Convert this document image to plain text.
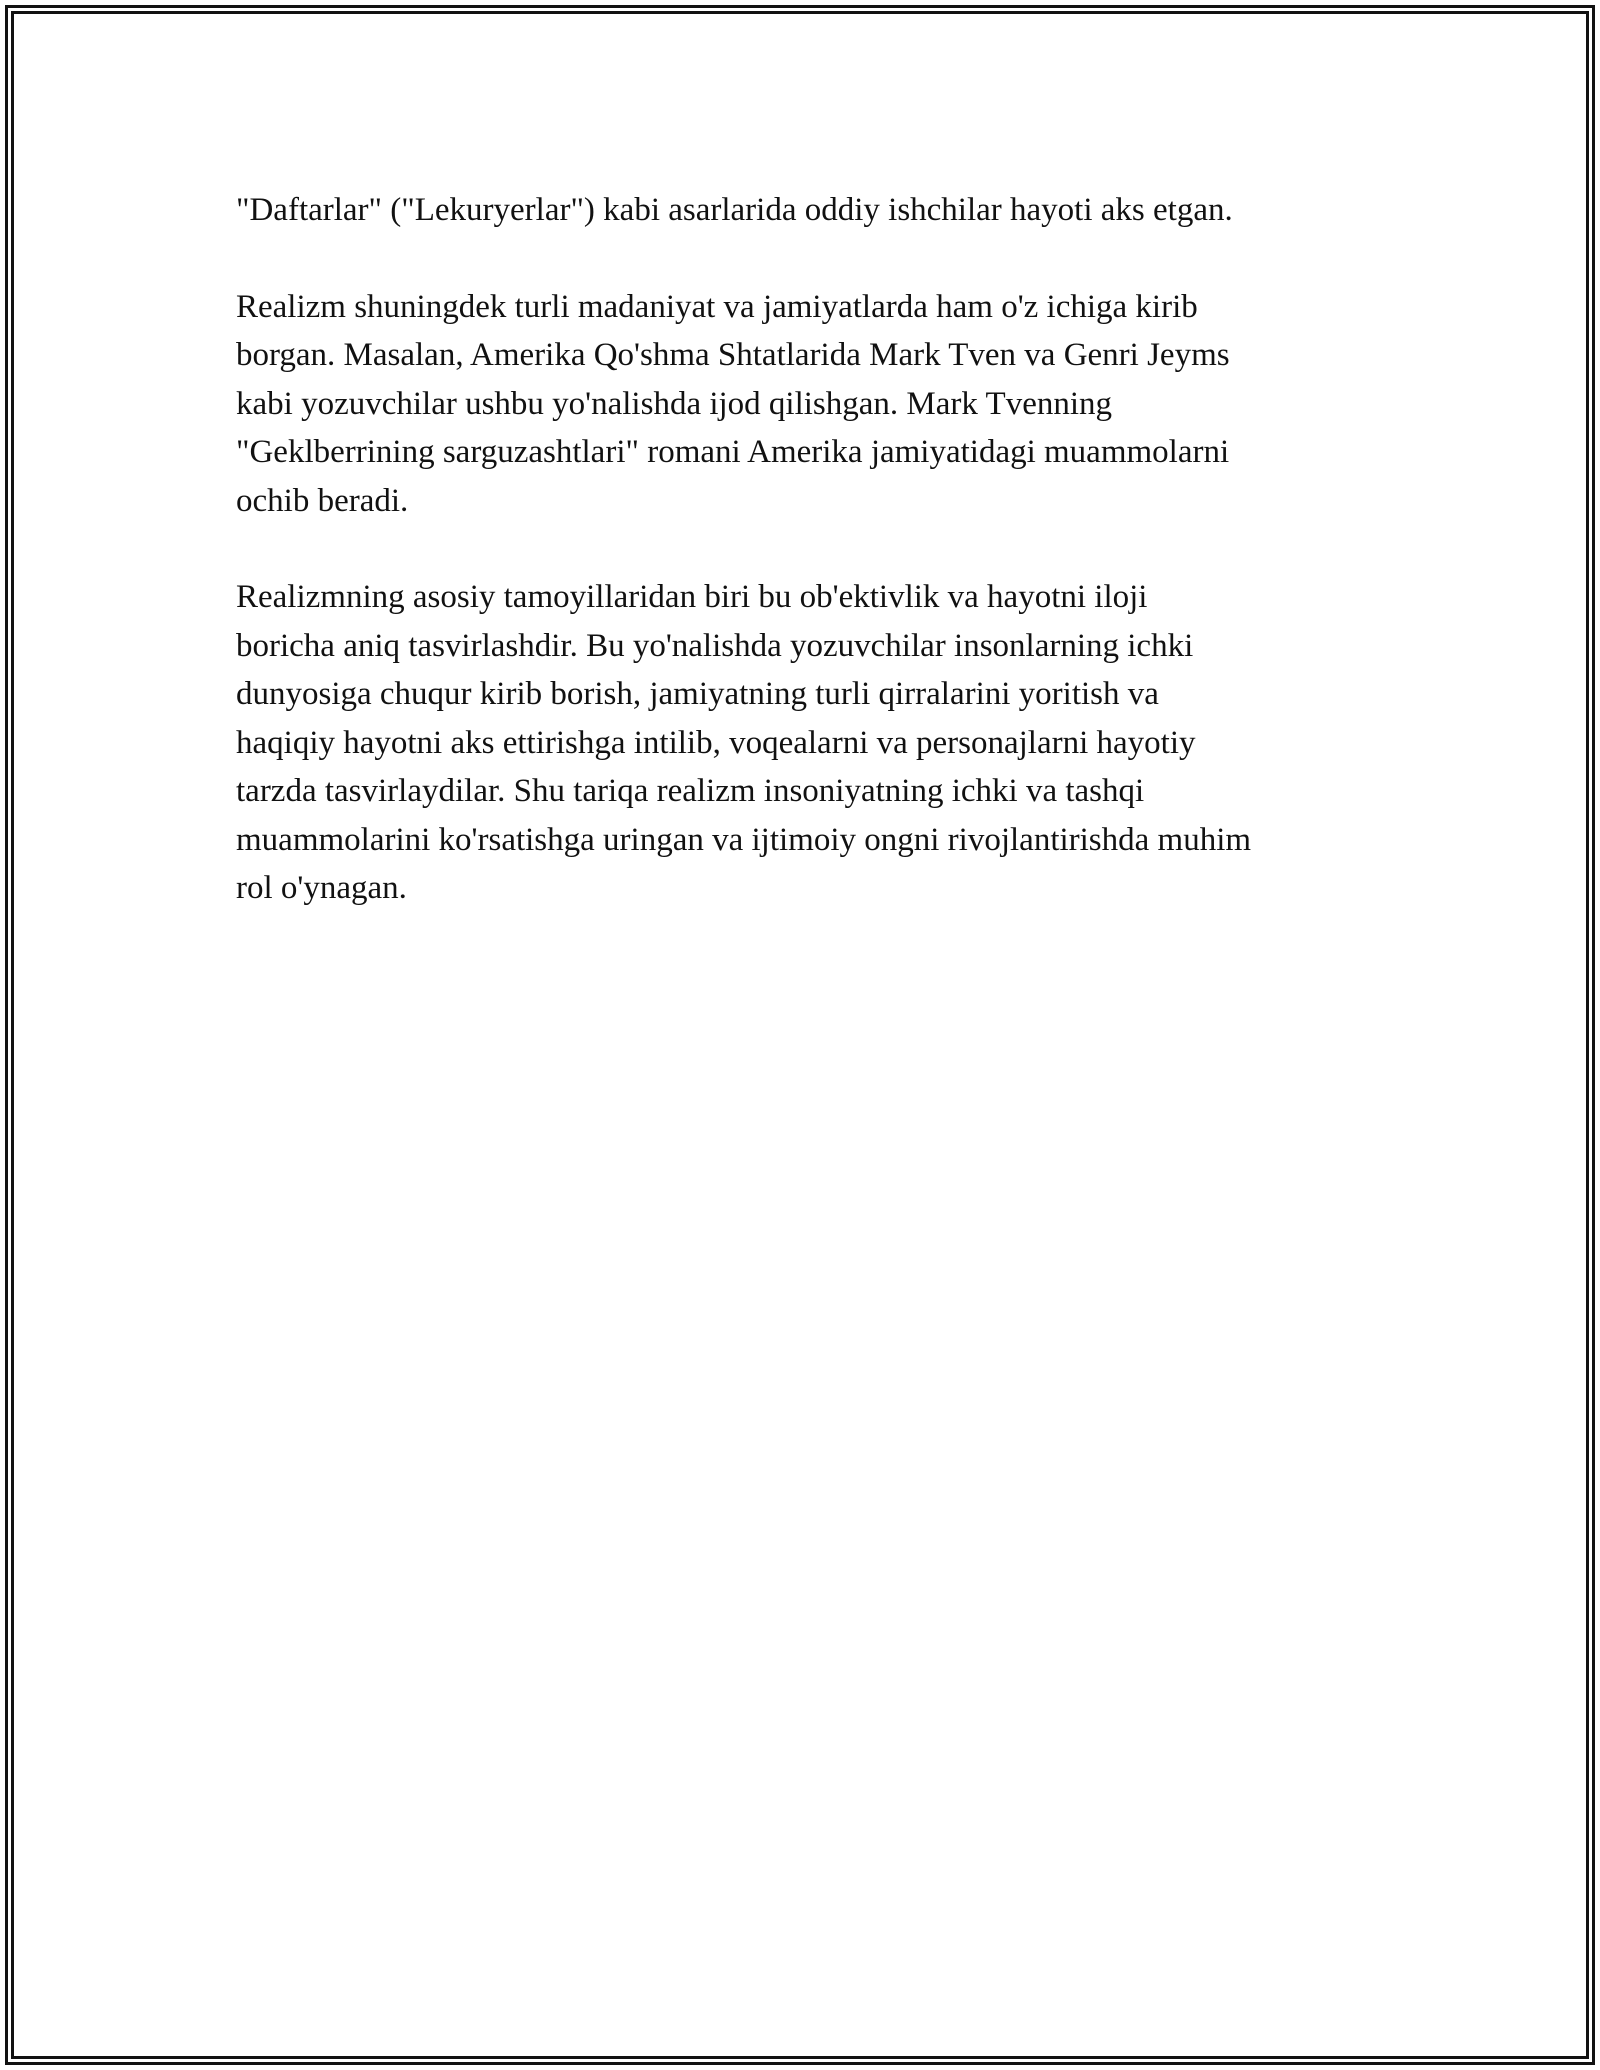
"Daftarlar" ("Lekuryerlar") kabi asarlarida oddiy ishchilar hayoti aks etgan.

Realizm shuningdek turli madaniyat va jamiyatlarda ham o'z ichiga kirib
borgan. Masalan, Amerika Qo'shma Shtatlarida Mark Tven va Genri Jeyms
kabi yozuvchilar ushbu yo'nalishda ijod qilishgan. Mark Tvenning
"Geklberrining sarguzashtlari" romani Amerika jamiyatidagi muammolarni
ochib beradi.

Realizmning asosiy tamoyillaridan biri bu ob'ektivlik va hayotni iloji
boricha aniq tasvirlashdir. Bu yo'nalishda yozuvchilar insonlarning ichki
dunyosiga chuqur kirib borish, jamiyatning turli qirralarini yoritish va
haqiqiy hayotni aks ettirishga intilib, voqealarni va personajlarni hayotiy
tarzda tasvirlaydilar. Shu tariqa realizm insoniyatning ichki va tashqi
muammolarini ko'rsatishga uringan va ijtimoiy ongni rivojlantirishda muhim
rol o'ynagan.
